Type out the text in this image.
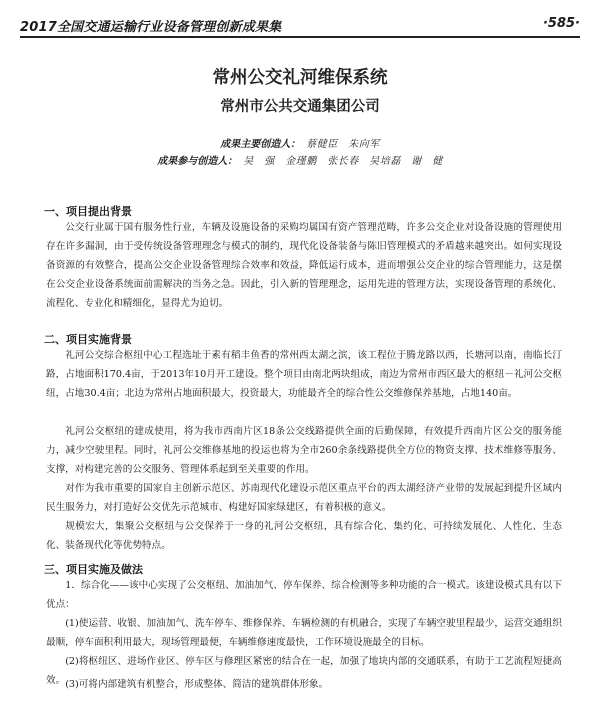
2017全国交通运输行业设备管理创新成果集	·585·
常州公交礼河维保系统
常州市公共交通集团公司
成果主要创造人： 蔡健臣　朱向军
成果参与创造人： 吴　强　金瑾鹏　张长春　吴培磊　谢　健
一、项目提出背景

公交行业属于国有服务性行业，车辆及设施设备的采购均属国有资产管理范畴，许多公交企业对设备设施的管理使用存在许多漏洞，由于受传统设备管理理念与模式的制约，现代化设备装备与陈旧管理模式的矛盾越来越突出。如何实现设备资源的有效整合，提高公交企业设备管理综合效率和效益，降低运行成本，进而增强公交企业的综合管理能力，这是摆在公交企业设备系统面前需解决的当务之急。因此，引入新的管理理念，运用先进的管理方法，实现设备管理的系统化、流程化、专业化和精细化，显得尤为迫切。

二、项目实施背景

礼河公交综合枢纽中心工程选址于素有稻丰鱼香的常州西太湖之滨，该工程位于腾龙路以西，长塘河以南，南临长汀路，占地面积170.4亩，于2013年10月开工建设。整个项目由南北两块组成，南边为常州市西区最大的枢纽－礼河公交枢纽，占地30.4亩；北边为常州占地面积最大，投资最大，功能最齐全的综合性公交维修保养基地，占地140亩。

礼河公交枢纽的建成使用，将为我市西南片区18条公交线路提供全面的后勤保障，有效提升西南片区公交的服务能力，减少空驶里程。同时，礼河公交维修基地的投运也将为全市260余条线路提供全方位的物资支撑、技术维修等服务、支撑，对构建完善的公交服务、管理体系起到至关重要的作用。

对作为我市重要的国家自主创新示范区、苏南现代化建设示范区重点平台的西太湖经济产业带的发展起到提升区域内民生服务力，对打造好公交优先示范城市、构建好国家绿建区，有着积极的意义。

规模宏大，集聚公交枢纽与公交保养于一身的礼河公交枢纽，具有综合化、集约化、可持续发展化、人性化、生态化、装备现代化等优势特点。

三、项目实施及做法

1．综合化——该中心实现了公交枢纽、加油加气、停车保养、综合检测等多种功能的合一模式。该建设模式具有以下优点：

(1)使运营、收银、加油加气、洗车停车、维修保养、车辆检测的有机融合，实现了车辆空驶里程最少，运营交通组织最顺，停车面积利用最大，现场管理最便，车辆维修速度最快，工作环境设施最全的目标。

(2)将枢纽区、进场作业区、停车区与修理区紧密的结合在一起，加强了地块内部的交通联系，有助于工艺流程短捷高效。 (3)可将内部建筑有机整合，形成整体、简洁的建筑群体形象。
